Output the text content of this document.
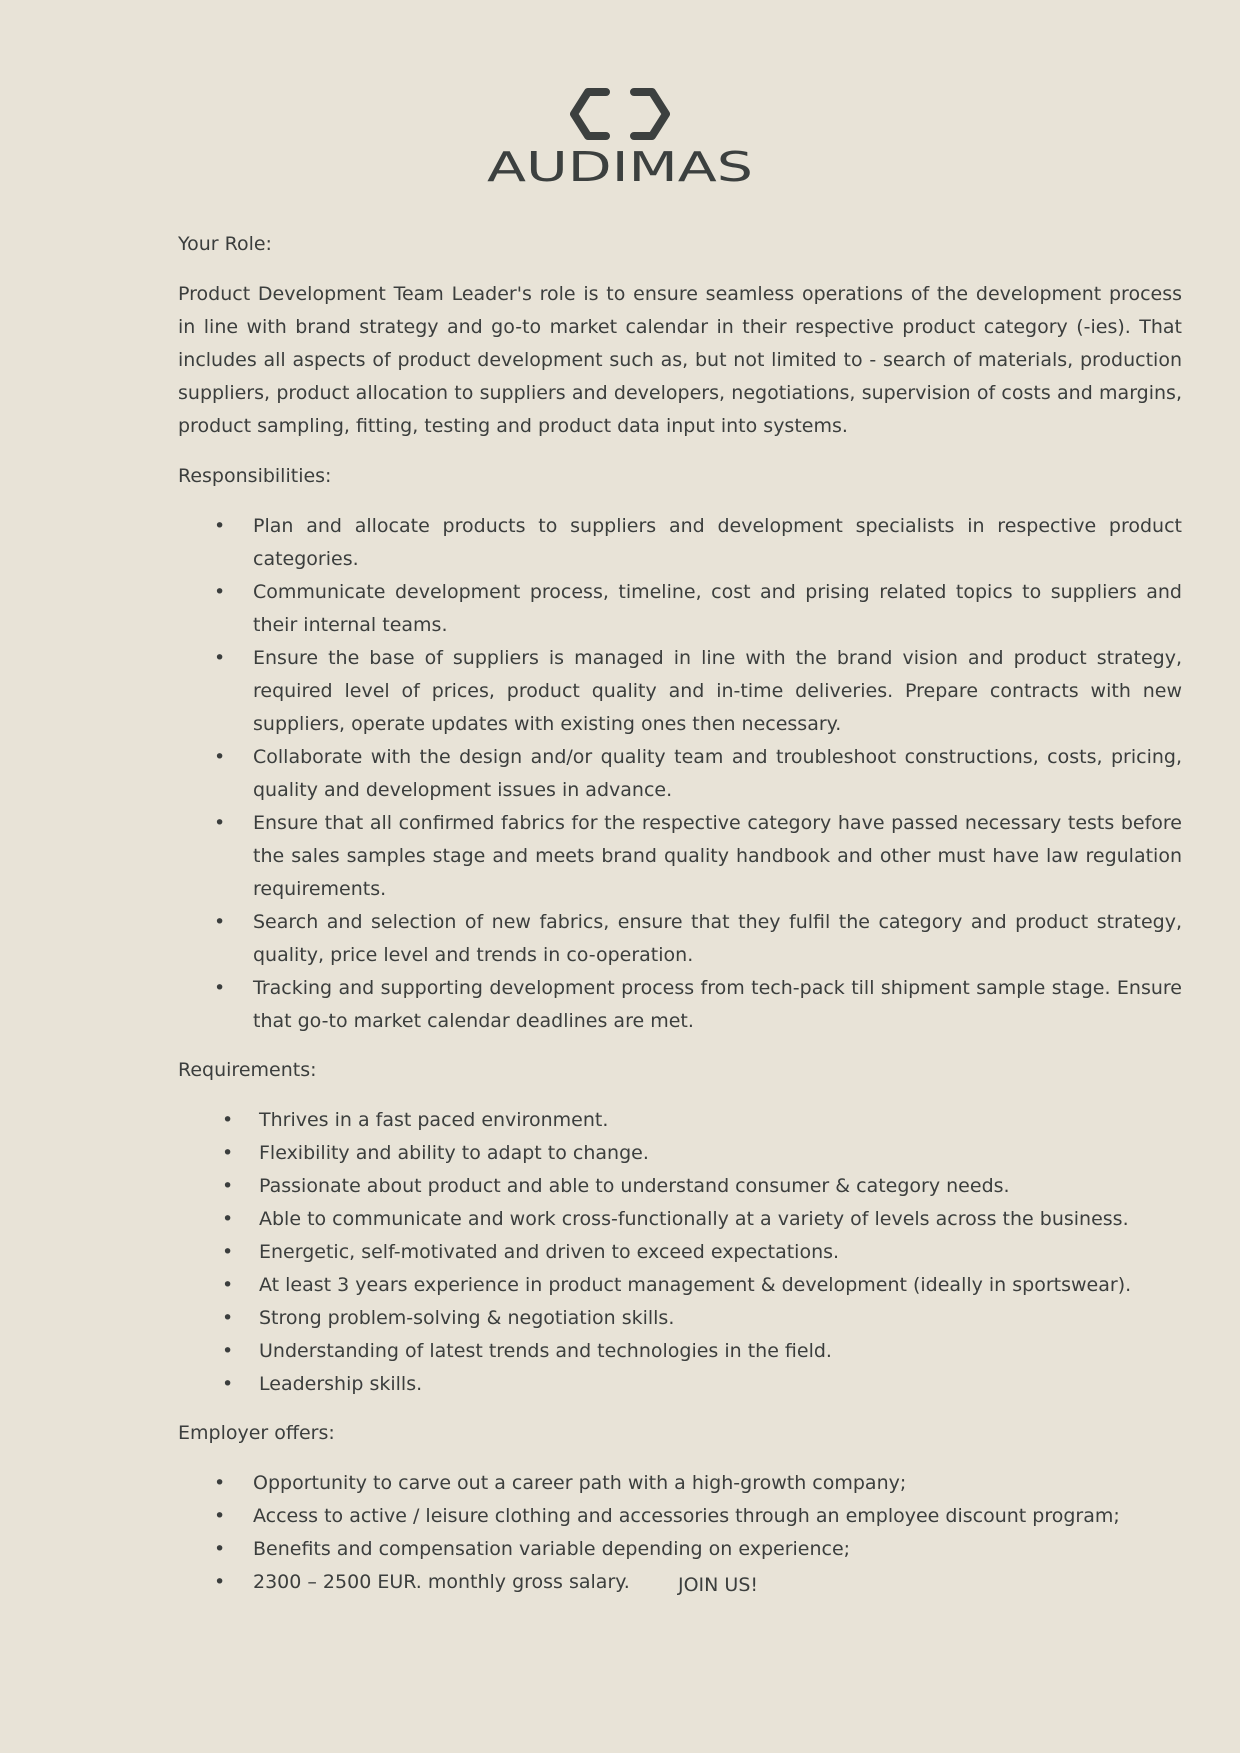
AUDIMAS
Your Role:
Product Development Team Leader's role is to ensure seamless operations of the development process in line with brand strategy and go-to market calendar in their respective product category (-ies). That includes all aspects of product development such as, but not limited to - search of materials, production suppliers, product allocation to suppliers and developers, negotiations, supervision of costs and margins, product sampling, fitting, testing and product data input into systems.
Responsibilities:
• Plan and allocate products to suppliers and development specialists in respective product categories.
• Communicate development process, timeline, cost and prising related topics to suppliers and their internal teams.
• Ensure the base of suppliers is managed in line with the brand vision and product strategy, required level of prices, product quality and in-time deliveries. Prepare contracts with new suppliers, operate updates with existing ones then necessary.
• Collaborate with the design and/or quality team and troubleshoot constructions, costs, pricing, quality and development issues in advance.
• Ensure that all confirmed fabrics for the respective category have passed necessary tests before the sales samples stage and meets brand quality handbook and other must have law regulation requirements.
• Search and selection of new fabrics, ensure that they fulfil the category and product strategy, quality, price level and trends in co-operation.
• Tracking and supporting development process from tech-pack till shipment sample stage. Ensure that go-to market calendar deadlines are met.
Requirements:
• Thrives in a fast paced environment.
• Flexibility and ability to adapt to change.
• Passionate about product and able to understand consumer & category needs.
• Able to communicate and work cross-functionally at a variety of levels across the business.
• Energetic, self-motivated and driven to exceed expectations.
• At least 3 years experience in product management & development (ideally in sportswear).
• Strong problem-solving & negotiation skills.
• Understanding of latest trends and technologies in the field.
• Leadership skills.
Employer offers:
• Opportunity to carve out a career path with a high-growth company;
• Access to active / leisure clothing and accessories through an employee discount program;
• Benefits and compensation variable depending on experience;
• 2300 – 2500 EUR. monthly gross salary.	JOIN US!
